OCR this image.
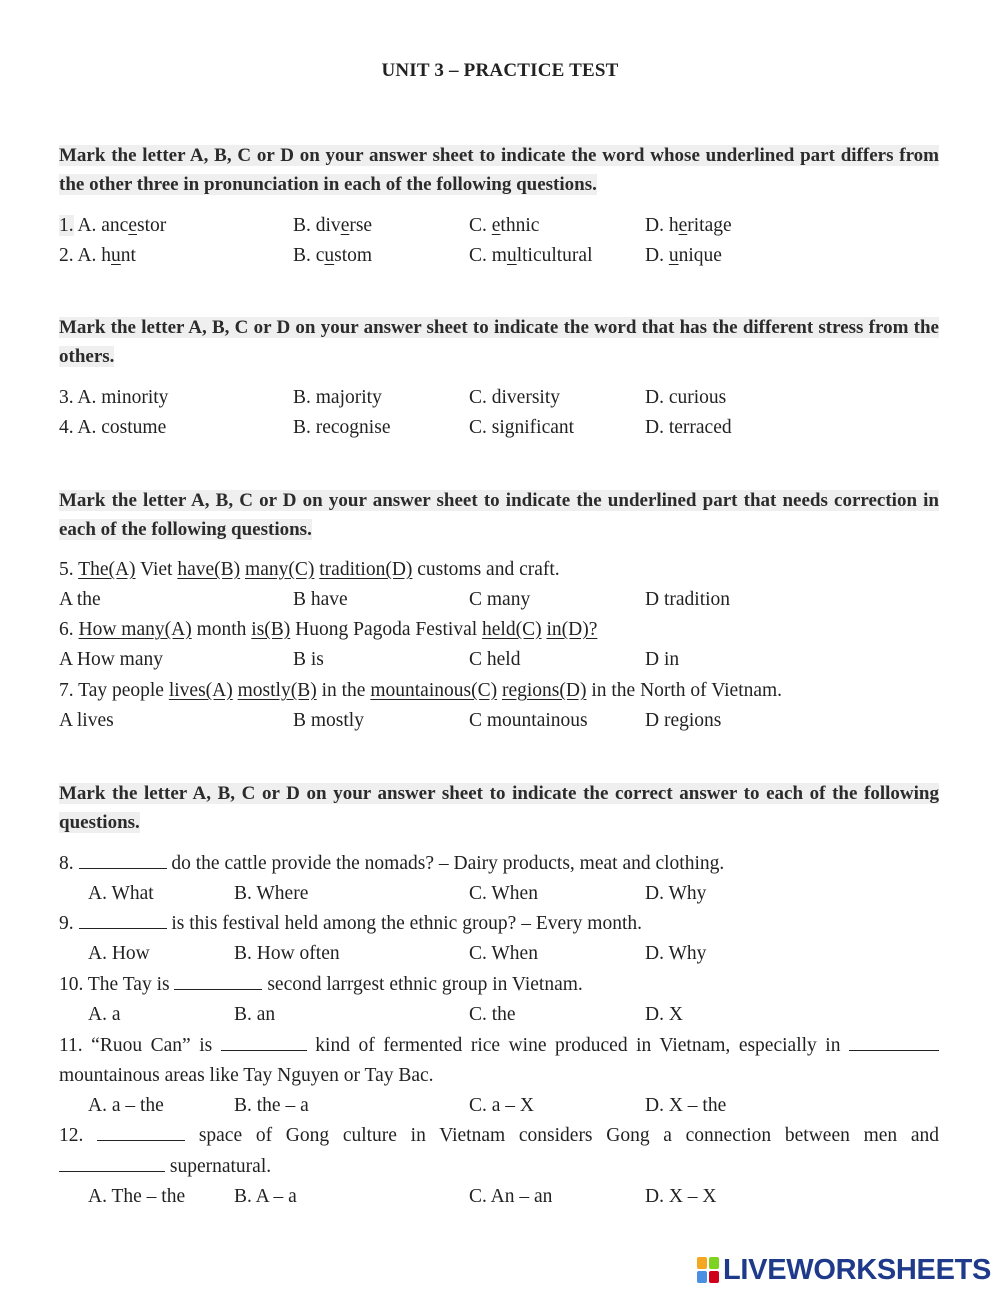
UNIT 3 – PRACTICE TEST
Mark the letter A, B, C or D on your answer sheet to indicate the word whose underlined part differs from the other three in pronunciation in each of the following questions.
1. A. ancestor	B. diverse	C. ethnic	D. heritage
2. A. hunt	B. custom	C. multicultural	D. unique
Mark the letter A, B, C or D on your answer sheet to indicate the word that has the different stress from the others.
3. A. minority	B. majority	C. diversity	D. curious
4. A. costume	B. recognise	C. significant	D. terraced
Mark the letter A, B, C or D on your answer sheet to indicate the underlined part that needs correction in each of the following questions.
5. The(A) Viet have(B) many(C) tradition(D) customs and craft.
A the	B have	C many	D tradition
6. How many(A) month is(B) Huong Pagoda Festival held(C) in(D)?
A How many	B is	C held	D in
7. Tay people lives(A) mostly(B) in the mountainous(C) regions(D) in the North of Vietnam.
A lives	B mostly	C mountainous	D regions
Mark the letter A, B, C or D on your answer sheet to indicate the correct answer to each of the following questions.
8.	do the cattle provide the nomads? – Dairy products, meat and clothing.
A. What	B. Where	C. When	D. Why
9.	is this festival held among the ethnic group? – Every month.
A. How	B. How often	C. When	D. Why
10. The Tay is	second larrgest ethnic group in Vietnam.
A. a	B. an	C. the	D. X
11. “Ruou Can” is	kind of fermented rice wine produced in Vietnam, especially in
mountainous areas like Tay Nguyen or Tay Bac.
A. a – the	B. the – a	C. a – X	D. X – the
12.	space of Gong culture in Vietnam considers Gong a connection between men and
supernatural.
A. The – the	B. A – a	C. An – an	D. X – X
LIVEWORKSHEETS
